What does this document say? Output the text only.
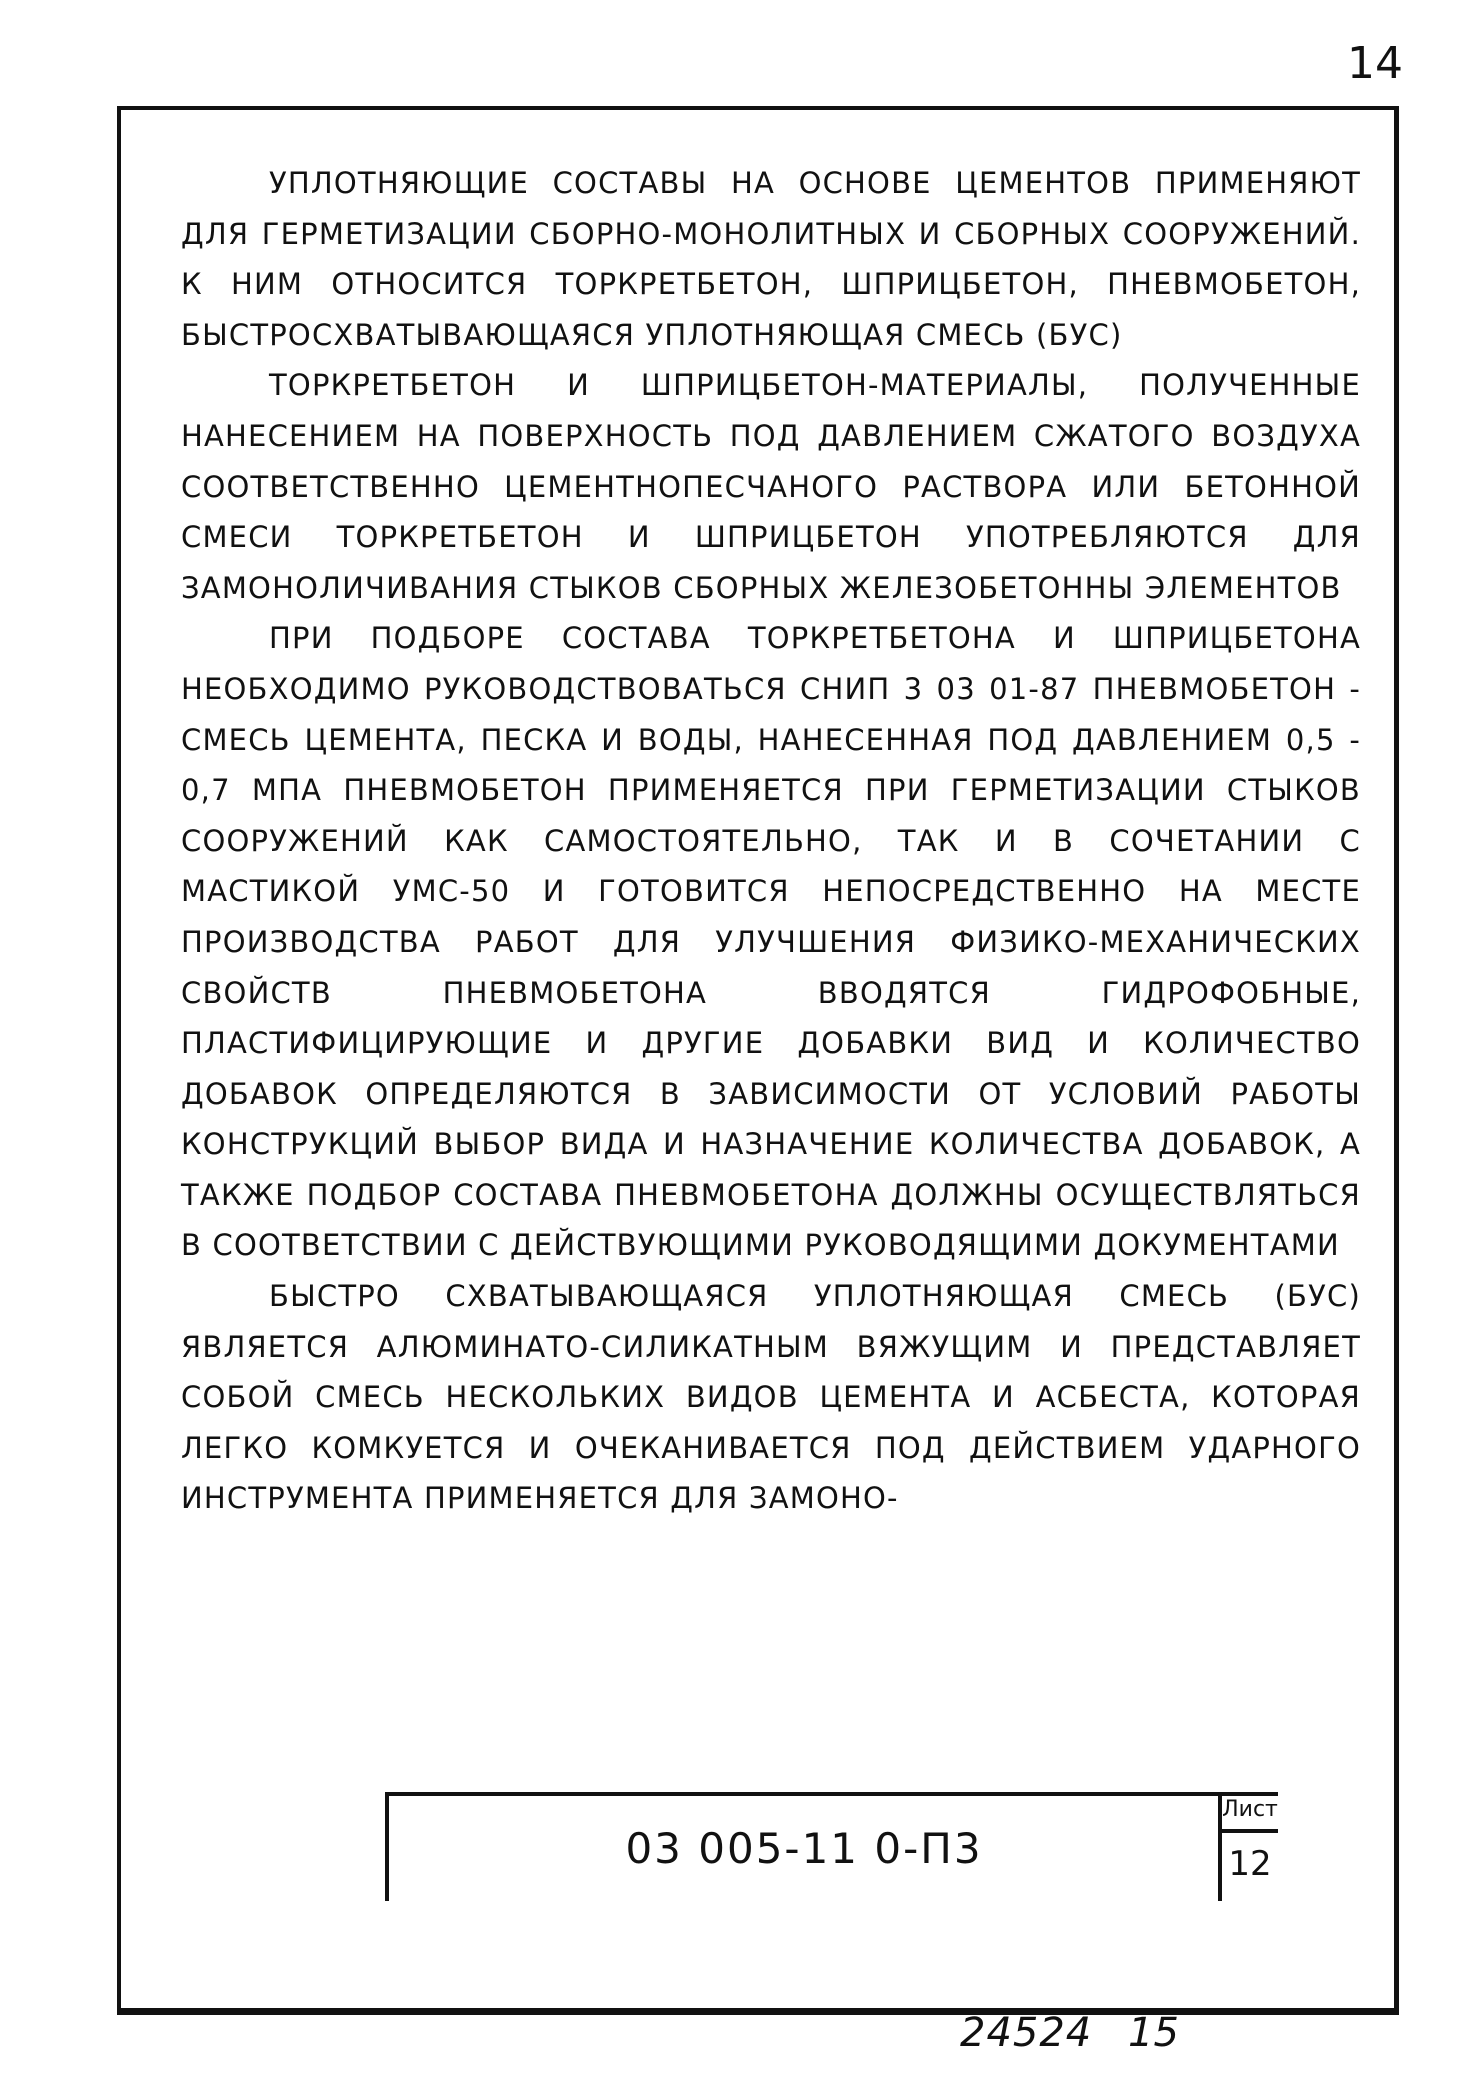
14

УПЛОТНЯЮЩИЕ СОСТАВЫ НА ОСНОВЕ ЦЕМЕНТОВ ПРИМЕНЯЮТ ДЛЯ ГЕРМЕТИЗАЦИИ СБОРНО-МОНОЛИТНЫХ И СБОРНЫХ СООРУЖЕНИЙ. К НИМ ОТНОСИТСЯ ТОРКРЕТБЕТОН, ШПРИЦБЕТОН, ПНЕВМОБЕТОН, БЫСТРОСХВАТЫВАЮЩАЯСЯ УПЛОТНЯЮЩАЯ СМЕСЬ (БУС)

ТОРКРЕТБЕТОН И ШПРИЦБЕТОН-МАТЕРИАЛЫ, ПОЛУЧЕННЫЕ НАНЕСЕНИЕМ НА ПОВЕРХНОСТЬ ПОД ДАВЛЕНИЕМ СЖАТОГО ВОЗДУХА СООТВЕТСТВЕННО ЦЕМЕНТНОПЕСЧАНОГО РАСТВОРА ИЛИ БЕТОННОЙ СМЕСИ ТОРКРЕТБЕТОН И ШПРИЦБЕТОН УПОТРЕБЛЯЮТСЯ ДЛЯ ЗАМОНОЛИЧИВАНИЯ СТЫКОВ СБОРНЫХ ЖЕЛЕЗОБЕТОННЫ ЭЛЕМЕНТОВ

ПРИ ПОДБОРЕ СОСТАВА ТОРКРЕТБЕТОНА И ШПРИЦБЕТОНА НЕОБХОДИМО РУКОВОДСТВОВАТЬСЯ СНИП 3 03 01-87 ПНЕВМОБЕТОН - СМЕСЬ ЦЕМЕНТА, ПЕСКА И ВОДЫ, НАНЕСЕННАЯ ПОД ДАВЛЕНИЕМ 0,5 - 0,7 МПА ПНЕВМОБЕТОН ПРИМЕНЯЕТСЯ ПРИ ГЕРМЕТИЗАЦИИ СТЫКОВ СООРУЖЕНИЙ КАК САМОСТОЯТЕЛЬНО, ТАК И В СОЧЕТАНИИ С МАСТИКОЙ УМС-50 И ГОТОВИТСЯ НЕПОСРЕДСТВЕННО НА МЕСТЕ ПРОИЗВОДСТВА РАБОТ ДЛЯ УЛУЧШЕНИЯ ФИЗИКО-МЕХАНИЧЕСКИХ СВОЙСТВ ПНЕВМОБЕТОНА ВВОДЯТСЯ ГИДРОФОБНЫЕ, ПЛАСТИФИЦИРУЮЩИЕ И ДРУГИЕ ДОБАВКИ ВИД И КОЛИЧЕСТВО ДОБАВОК ОПРЕДЕЛЯЮТСЯ В ЗАВИСИМОСТИ ОТ УСЛОВИЙ РАБОТЫ КОНСТРУКЦИЙ ВЫБОР ВИДА И НАЗНАЧЕНИЕ КОЛИЧЕСТВА ДОБАВОК, А ТАКЖЕ ПОДБОР СОСТАВА ПНЕВМОБЕТОНА ДОЛЖНЫ ОСУЩЕСТВЛЯТЬСЯ В СООТВЕТСТВИИ С ДЕЙСТВУЮЩИМИ РУКОВОДЯЩИМИ ДОКУМЕНТАМИ

БЫСТРО СХВАТЫВАЮЩАЯСЯ УПЛОТНЯЮЩАЯ СМЕСЬ (БУС) ЯВЛЯЕТСЯ АЛЮМИНАТО-СИЛИКАТНЫМ ВЯЖУЩИМ И ПРЕДСТАВЛЯЕТ СОБОЙ СМЕСЬ НЕСКОЛЬКИХ ВИДОВ ЦЕМЕНТА И АСБЕСТА, КОТОРАЯ ЛЕГКО КОМКУЕТСЯ И ОЧЕКАНИВАЕТСЯ ПОД ДЕЙСТВИЕМ УДАРНОГО ИНСТРУМЕНТА ПРИМЕНЯЕТСЯ ДЛЯ ЗАМОНО-

03 005-11 0-П3
Лист
12
24524 15
